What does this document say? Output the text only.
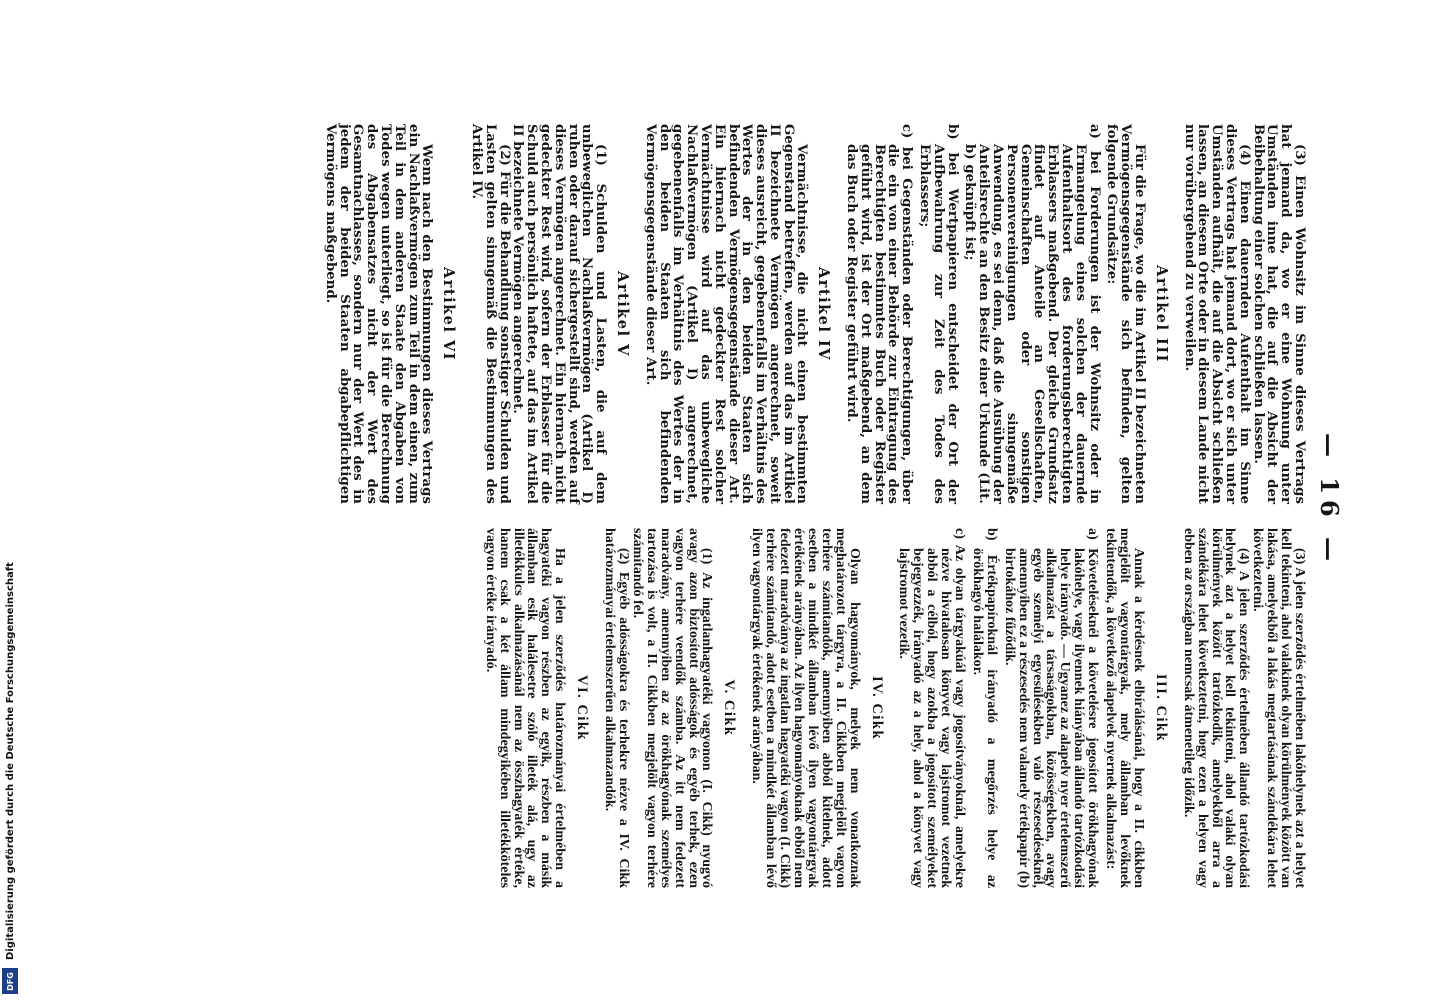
— 16 —

(3) Einen Wohnsitz im Sinne dieses Vertrags hat jemand da, wo er eine Wohnung unter Umständen inne hat, die auf die Absicht der Beibehaltung einer solchen schließen lassen.

(4) Einen dauernden Aufenthalt im Sinne dieses Vertrags hat jemand dort, wo er sich unter Umständen aufhält, die auf die Absicht schließen lassen, an diesem Orte oder in diesem Lande nicht nur vorübergehend zu verweilen.

Artikel III

Für die Frage, wo die im Artikel II bezeichneten Vermögensgegenstände sich befinden, gelten folgende Grundsätze:

a) bei Forderungen ist der Wohnsitz oder in Ermangelung eines solchen der dauernde Aufenthaltsort des forderungsberechtigten Erblassers maßgebend. Der gleiche Grundsatz findet auf Anteile an Gesellschaften, Gemeinschaften oder sonstigen Personenvereinigungen sinngemäße Anwendung, es sei denn, daß die Ausübung der Anteilsrechte an den Besitz einer Urkunde (Lit. b) geknüpft ist;

b) bei Wertpapieren entscheidet der Ort der Aufbewahrung zur Zeit des Todes des Erblassers;

c) bei Gegenständen oder Berechtigungen, über die ein von einer Behörde zur Eintragung des Berechtigten bestimmtes Buch oder Register geführt wird, ist der Ort maßgebend, an dem das Buch oder Register geführt wird.

Artikel IV

Vermächtnisse, die nicht einen bestimmten Gegenstand betreffen, werden auf das im Artikel II bezeichnete Vermögen angerechnet, soweit dieses ausreicht, gegebenenfalls im Verhältnis des Wertes der in den beiden Staaten sich befindenden Vermögensgegenstände dieser Art. Ein hiernach nicht gedeckter Rest solcher Vermächtnisse wird auf das unbewegliche Nachlaßvermögen (Artikel I) angerechnet, gegebenenfalls im Verhältnis des Wertes der in den beiden Staaten sich befindenden Vermögensgegenstände dieser Art.

Artikel V

(1) Schulden und Lasten, die auf dem unbeweglichen Nachlaßvermögen (Artikel I) ruhen oder darauf sichergestellt sind, werden auf dieses Vermögen angerechnet. Ein hiernach nicht gedeckter Rest wird, sofern der Erblasser für die Schuld auch persönlich haftete, auf das im Artikel II bezeichnete Vermögen angerechnet.

(2) Für die Behandlung sonstiger Schulden und Lasten gelten sinngemäß die Bestimmungen des Artikel IV.

Artikel VI

Wenn nach den Bestimmungen dieses Vertrags ein Nachlaßvermögen zum Teil in dem einen, zum Teil in dem anderen Staate den Abgaben von Todes wegen unterliegt, so ist für die Berechnung des Abgabensatzes nicht der Wert des Gesamtnachlasses, sondern nur der Wert des in jedem der beiden Staaten abgabepflichtigen Vermögens maßgebend.

(3) A jelen szerződés értelmében lakóhelynek azt a helyet kell tekinteni, ahol valakinek olyan körülmények között van lakása, amelyekből a lakás megtartásának szándékára lehet következtetni.

(4) A jelen szerződés értelmében állandó tartózkodási helynek azt a helyet kell tekinteni, ahol valaki olyan körülmények között tartózkodik, amelyekből arra a szándékára lehet következtetni, hogy ezen a helyen vagy ebben az országban nemcsak átmenetileg időzik.

III. Cikk

Annak a kérdésnek elbírálásánál, hogy a II. cikkben megjelölt vagyontárgyak, mely államban levőknek tekintendők, a következő alapelvek nyernek alkalmazást:

a) Követeléseknél a követelésre jogosított örökhagyónak lakóhelye, vagy ilyennek hiányában állandó tartózkodási helye irányadó. — Ugyanez az alapelv nyer értelemszerű alkalmazást a társaságokban, közösségekben, avagy egyéb személyi egyesülésekben való részesedéseknél, amennyiben ez a részesedés nem valamely értékpapír (b) birtokához fűződik.

b) Értékpapíroknál irányadó a megőrzés helye az örökhagyó halálakor.

c) Az olyan tárgyakúál vagy jogosítványoknál, amelyekre nézve hivatalosan könyvet vagy lajstromot vezetnek abból a célból, hogy azokba a jogosított személyeket bejegyezzék, irányadó az a hely, ahol a könyvet vagy lajstromot vezetik.

IV. Cikk

Olyan hagyományok, melyek nem vonatkoznak meghatározott tárgyra, a II. Cikkben megjelölt vagyon terhére számítandók, amennyiben abból kitelnek, adott esetben a mindkét államban lévő ilyen vagyontárgyak értékének arányában. Az ilyen hagyományoknak ebből nem fedezett maradványa az ingatlan hagyatéki vagyon (I. Cikk) terhére számítandó, adott esetben a mindkét államban lévő ilyen vagyontárgyak értékének arányában.

V. Cikk

(1) Az ingatlanhagyatéki vagyonon (I. Cikk) nyugvó avagy azon biztosított adósságok és egyéb terhek, ezen vagyon terhére veendők számba. Az itt nem fedezett maradvány, amennyiben az az örökhagyónak személyes tartozása is volt, a II. Cikkben megjelölt vagyon terhére számítandó fel.

(2) Egyéb adósságokra és terhekre nézve a IV. Cikk határozmányai értelemszerűen alkalmazandók.

VI. Cikk

Ha a jelen szerződés határozmányai értelmében a hagyatéki vagyon részben az egyik, részben a másik államban esik halálesetre szóló illeték alá, ugy az illetékkulcs alkalmazásánál nem az összhagyaték értéke, hanem csak a két állam mindegyikében illetékköteles vagyon értéke irányadó.

Digitalisierung gefördert durch die Deutsche Forschungsgemeinschaft
DFG
